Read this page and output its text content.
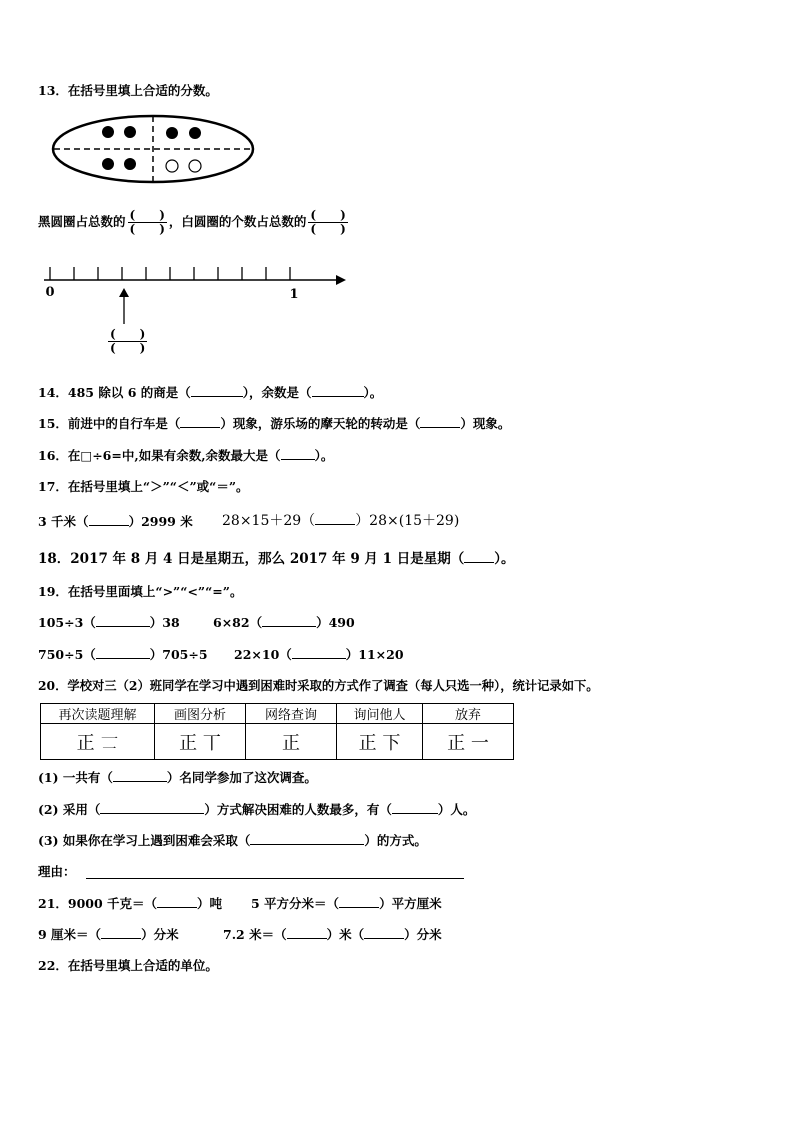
13．在括号里填上合适的分数。
黑圆圈占总数的 $\frac{( )}{( )}$ ，白圆圈的个数占总数的 $\frac{( )}{( )}$
0	1
$\frac{( )}{( )}$
14．485 除以 6 的商是（	），余数是（	）。
15．前进中的自行车是（	）现象，游乐场的摩天轮的转动是（	）现象。
16．在□÷6=中,如果有余数,余数最大是（	）。
17．在括号里填上“＞”“＜”或“＝”。
3 千米（	）2999 米 28×15＋29（	）28×(15＋29)
18．2017 年 8 月 4 日是星期五，那么 2017 年 9 月 1 日是星期（ ）。
19．在括号里面填上“>”“<”“=”。
105÷3（	）38	6×82（	）490
750÷5（	）705÷5 22×10（	）11×20
20．学校对三（2）班同学在学习中遇到困难时采取的方式作了调查（每人只选一种），统计记录如下。
再次读题理解	画图分析	网络查询	询问他人	放弃
正 𠄟	正 丅	正	正 下	正 一
(1) 一共有（	）名同学参加了这次调查。
(2) 采用（	）方式解决困难的人数最多，有（	）人。
(3) 如果你在学习上遇到困难会采取（	）的方式。
理由：
21．9000 千克＝（	）吨 5 平方分米＝（	）平方厘米
9 厘米＝（	）分米	7.2 米＝（	）米（	）分米
22．在括号里填上合适的单位。
